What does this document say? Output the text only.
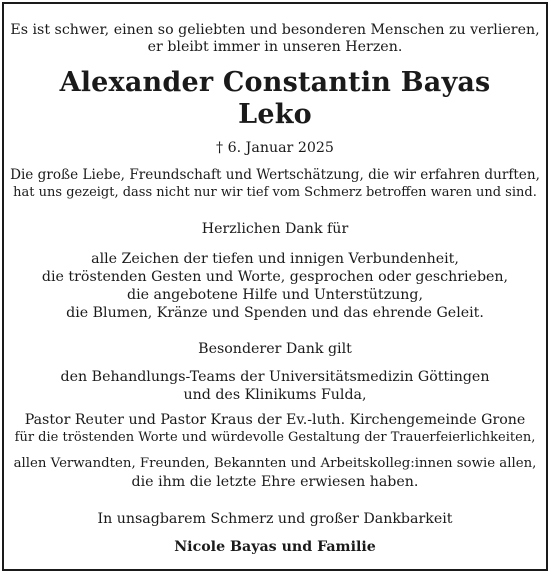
Es ist schwer, einen so geliebten und besonderen Menschen zu verlieren,
er bleibt immer in unseren Herzen.
Alexander Constantin Bayas
Leko
† 6. Januar 2025
Die große Liebe, Freundschaft und Wertschätzung, die wir erfahren durften,
hat uns gezeigt, dass nicht nur wir tief vom Schmerz betroffen waren und sind.
Herzlichen Dank für
alle Zeichen der tiefen und innigen Verbundenheit,
die tröstenden Gesten und Worte, gesprochen oder geschrieben,
die angebotene Hilfe und Unterstützung,
die Blumen, Kränze und Spenden und das ehrende Geleit.
Besonderer Dank gilt
den Behandlungs-Teams der Universitätsmedizin Göttingen
und des Klinikums Fulda,
Pastor Reuter und Pastor Kraus der Ev.-luth. Kirchengemeinde Grone
für die tröstenden Worte und würdevolle Gestaltung der Trauerfeierlichkeiten,
allen Verwandten, Freunden, Bekannten und Arbeitskolleg:innen sowie allen,
die ihm die letzte Ehre erwiesen haben.
In unsagbarem Schmerz und großer Dankbarkeit
Nicole Bayas und Familie
